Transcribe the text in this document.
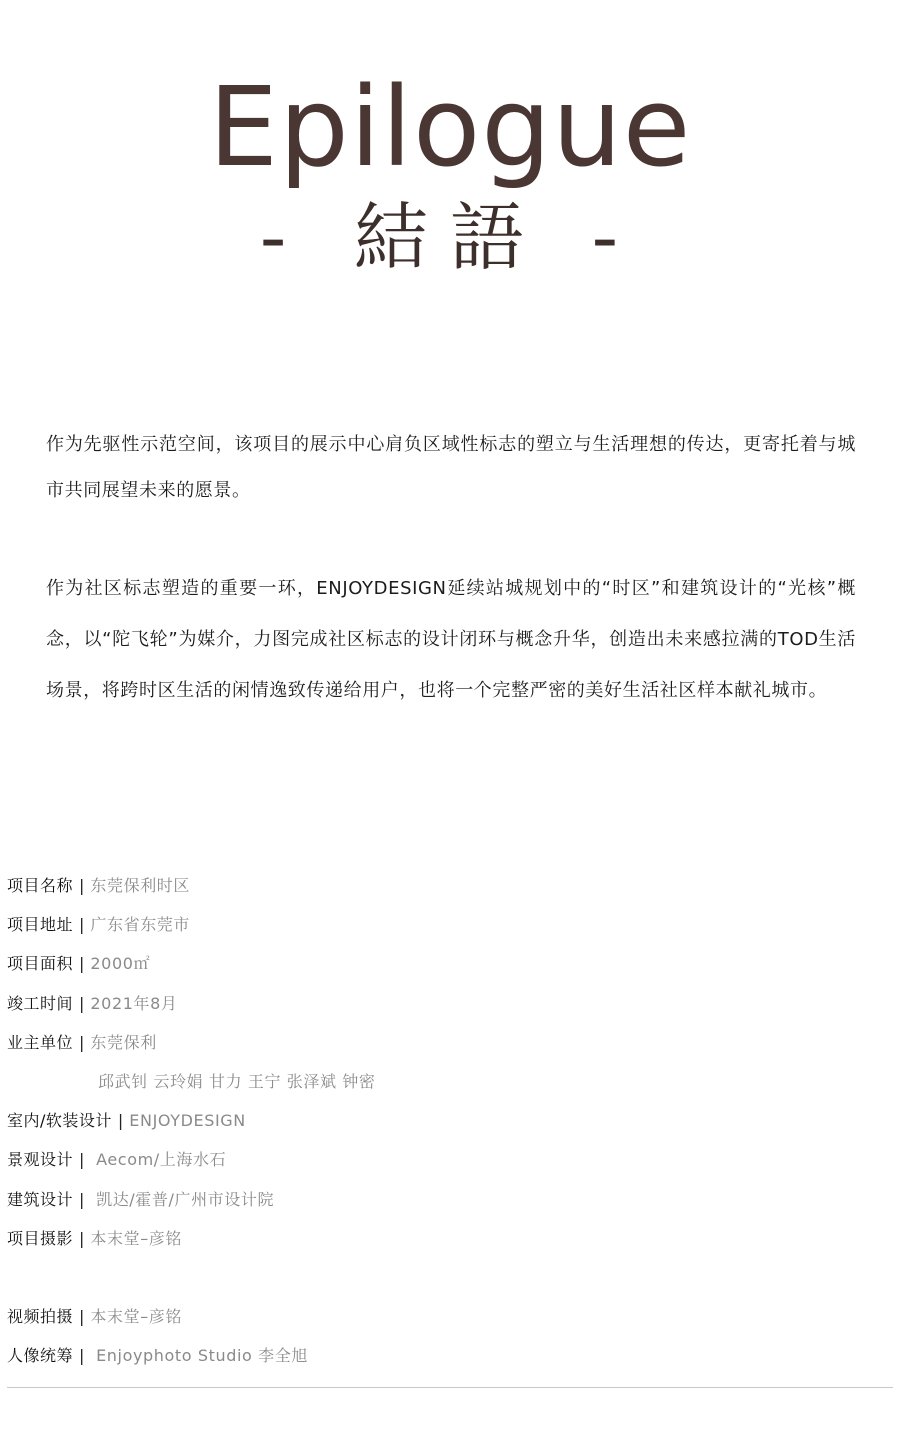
Epilogue
- 結語 -

作为先驱性示范空间，该项目的展示中心肩负区域性标志的塑立与生活理想的传达，更寄托着与城市共同展望未来的愿景。

作为社区标志塑造的重要一环，ENJOYDESIGN延续站城规划中的“时区”和建筑设计的“光核”概念，以“陀飞轮”为媒介，力图完成社区标志的设计闭环与概念升华，创造出未来感拉满的TOD生活场景，将跨时区生活的闲情逸致传递给用户，也将一个完整严密的美好生活社区样本献礼城市。

项目名称 | 东莞保利时区
项目地址 | 广东省东莞市
项目面积 | 2000㎡
竣工时间 | 2021年8月
业主单位 | 东莞保利
邱武钊 云玲娟 甘力 王宁 张泽斌 钟密
室内/软装设计 | ENJOYDESIGN
景观设计 | Aecom/上海水石
建筑设计 | 凯达/霍普/广州市设计院
项目摄影 | 本末堂–彦铭
视频拍摄 | 本末堂–彦铭
人像统筹 | Enjoyphoto Studio 李全旭
